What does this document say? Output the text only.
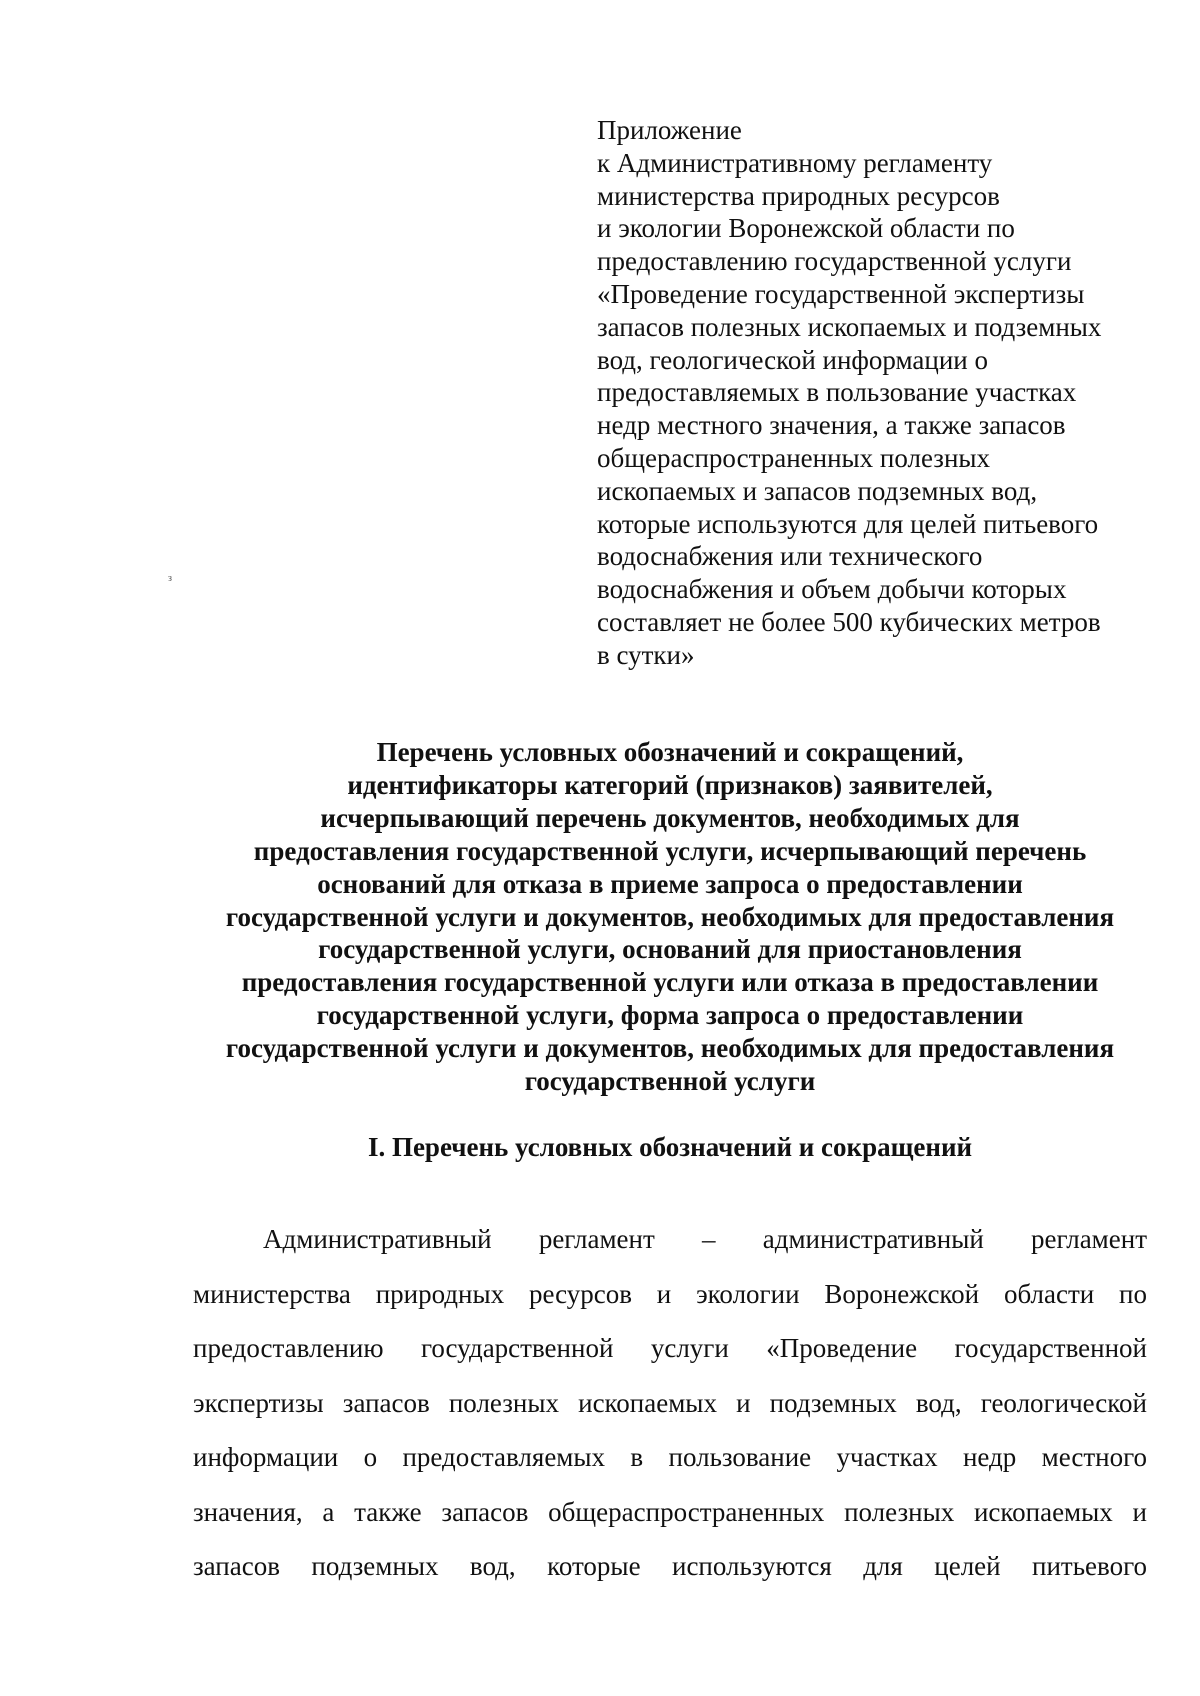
Приложение
к Административному регламенту
министерства природных ресурсов
и экологии Воронежской области по
предоставлению государственной услуги
«Проведение государственной экспертизы
запасов полезных ископаемых и подземных
вод, геологической информации о
предоставляемых в пользование участках
недр местного значения, а также запасов
общераспространенных полезных
ископаемых и запасов подземных вод,
которые используются для целей питьевого
водоснабжения или технического
водоснабжения и объем добычи которых
составляет не более 500 кубических метров
в сутки»
з
Перечень условных обозначений и сокращений,
идентификаторы категорий (признаков) заявителей,
исчерпывающий перечень документов, необходимых для
предоставления государственной услуги, исчерпывающий перечень
оснований для отказа в приеме запроса о предоставлении
государственной услуги и документов, необходимых для предоставления
государственной услуги, оснований для приостановления
предоставления государственной услуги или отказа в предоставлении
государственной услуги, форма запроса о предоставлении
государственной услуги и документов, необходимых для предоставления
государственной услуги
I. Перечень условных обозначений и сокращений
Административный регламент – административный регламент
министерства природных ресурсов и экологии Воронежской области по
предоставлению государственной услуги «Проведение государственной
экспертизы запасов полезных ископаемых и подземных вод, геологической
информации о предоставляемых в пользование участках недр местного
значения, а также запасов общераспространенных полезных ископаемых и
запасов подземных вод, которые используются для целей питьевого
